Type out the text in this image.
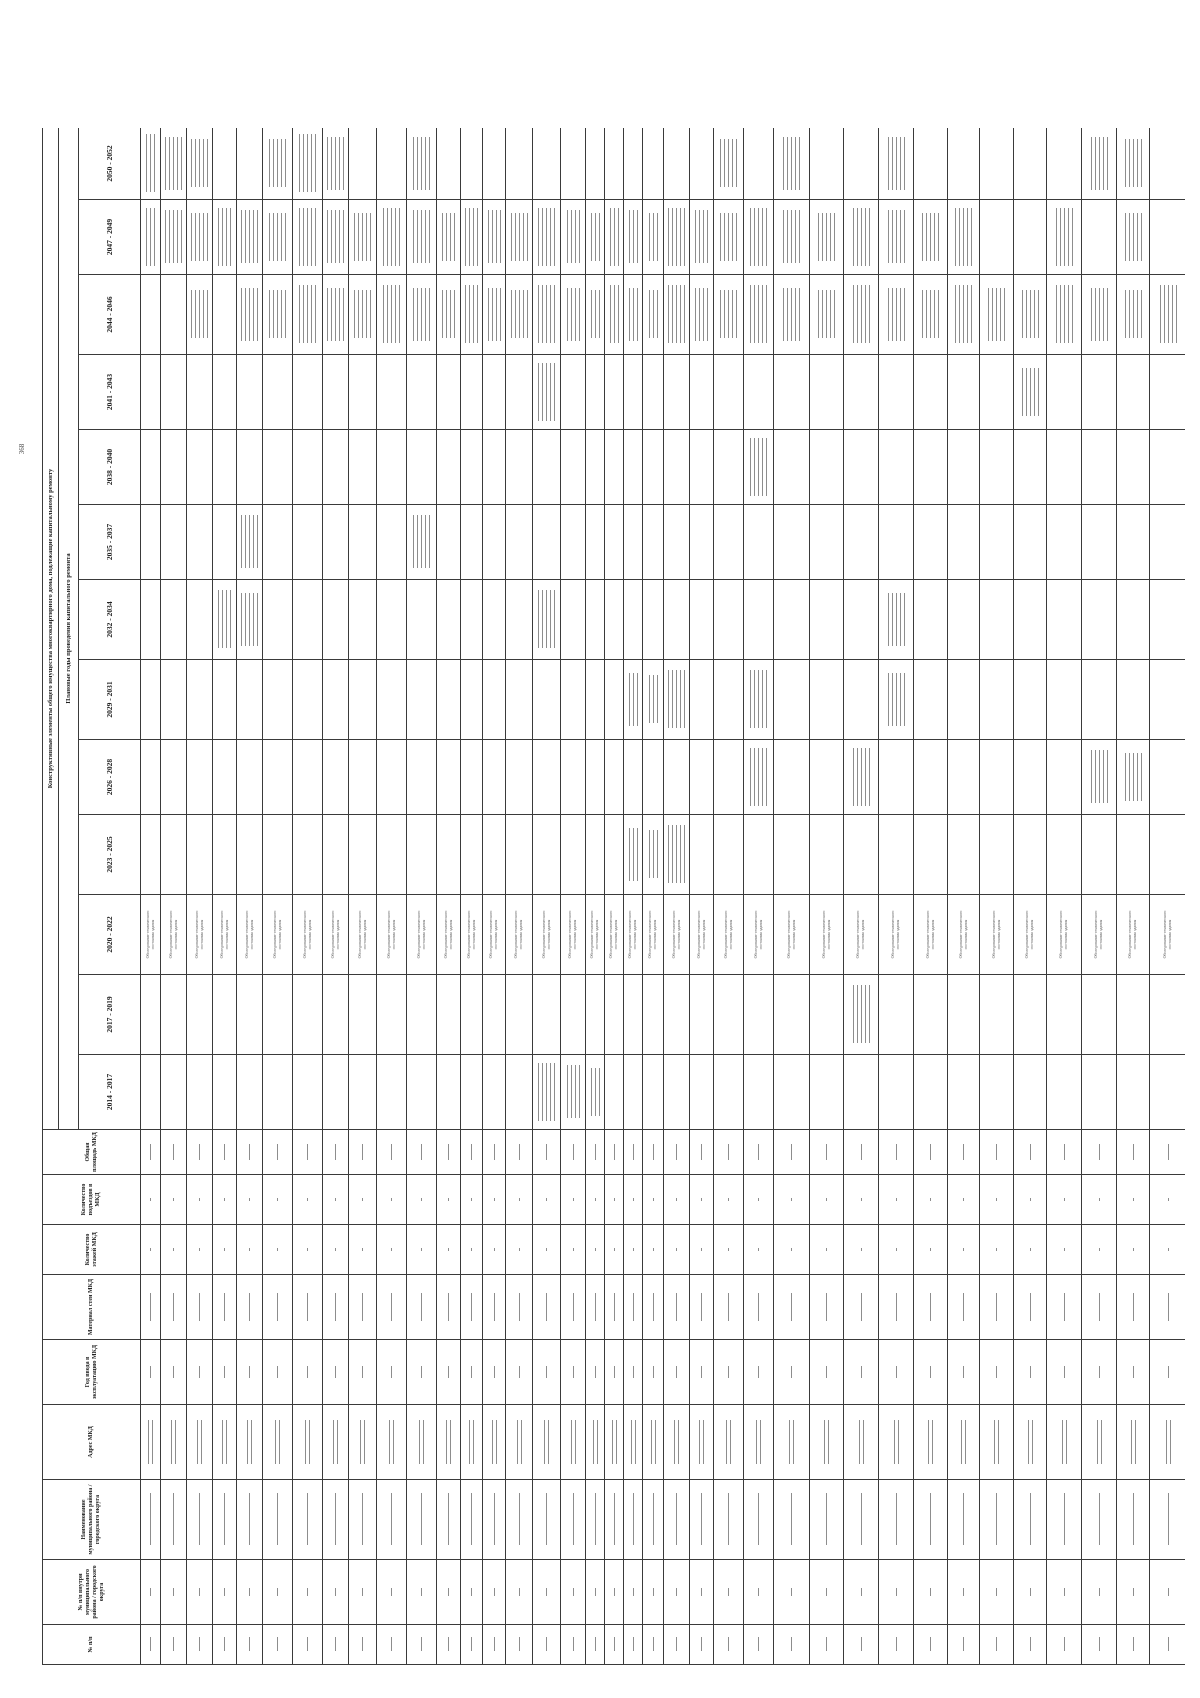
368
№ п/п	№ п/п внутри муниципального района / городского округа	Наименование муниципального района / городского округа	Адрес МКД	Год ввода в эксплуатацию МКД	Материал стен МКД	Количество этажей МКД	Количество подъездов в МКД	Общая площадь МКД	Конструктивные элементы общего имущества многоквартирного дома, подлежащие капитальному ремонту												
									Плановые годы проведения капитального ремонта												
									2014 - 2017	2017 - 2019	2020 - 2022	2023 - 2025	2026 - 2028	2029 - 2031	2032 - 2034	2035 - 2037	2038 - 2040	2041 - 2043	2044 - 2046	2047 - 2049	2050 - 2052

											Обследование технического состояния здания										

											Обследование технического состояния здания										

											Обследование технического состояния здания										

											Обследование технического состояния здания										

											Обследование технического состояния здания										

											Обследование технического состояния здания										

											Обследование технического состояния здания										

											Обследование технического состояния здания										

											Обследование технического состояния здания										

											Обследование технического состояния здания										

											Обследование технического состояния здания										

											Обследование технического состояния здания										

											Обследование технического состояния здания										

											Обследование технического состояния здания										

											Обследование технического состояния здания										

											Обследование технического состояния здания										

											Обследование технического состояния здания										

											Обследование технического состояния здания										

											Обследование технического состояния здания										

											Обследование технического состояния здания										

											Обследование технического состояния здания										

											Обследование технического состояния здания										

											Обследование технического состояния здания										

											Обследование технического состояния здания										

											Обследование технического состояния здания										

											Обследование технического состояния здания										

											Обследование технического состояния здания										

											Обследование технического состояния здания										

											Обследование технического состояния здания										

											Обследование технического состояния здания										

											Обследование технического состояния здания										

											Обследование технического состояния здания										

											Обследование технического состояния здания										

											Обследование технического состояния здания										

											Обследование технического состояния здания										

											Обследование технического состояния здания										

											Обследование технического состояния здания										
